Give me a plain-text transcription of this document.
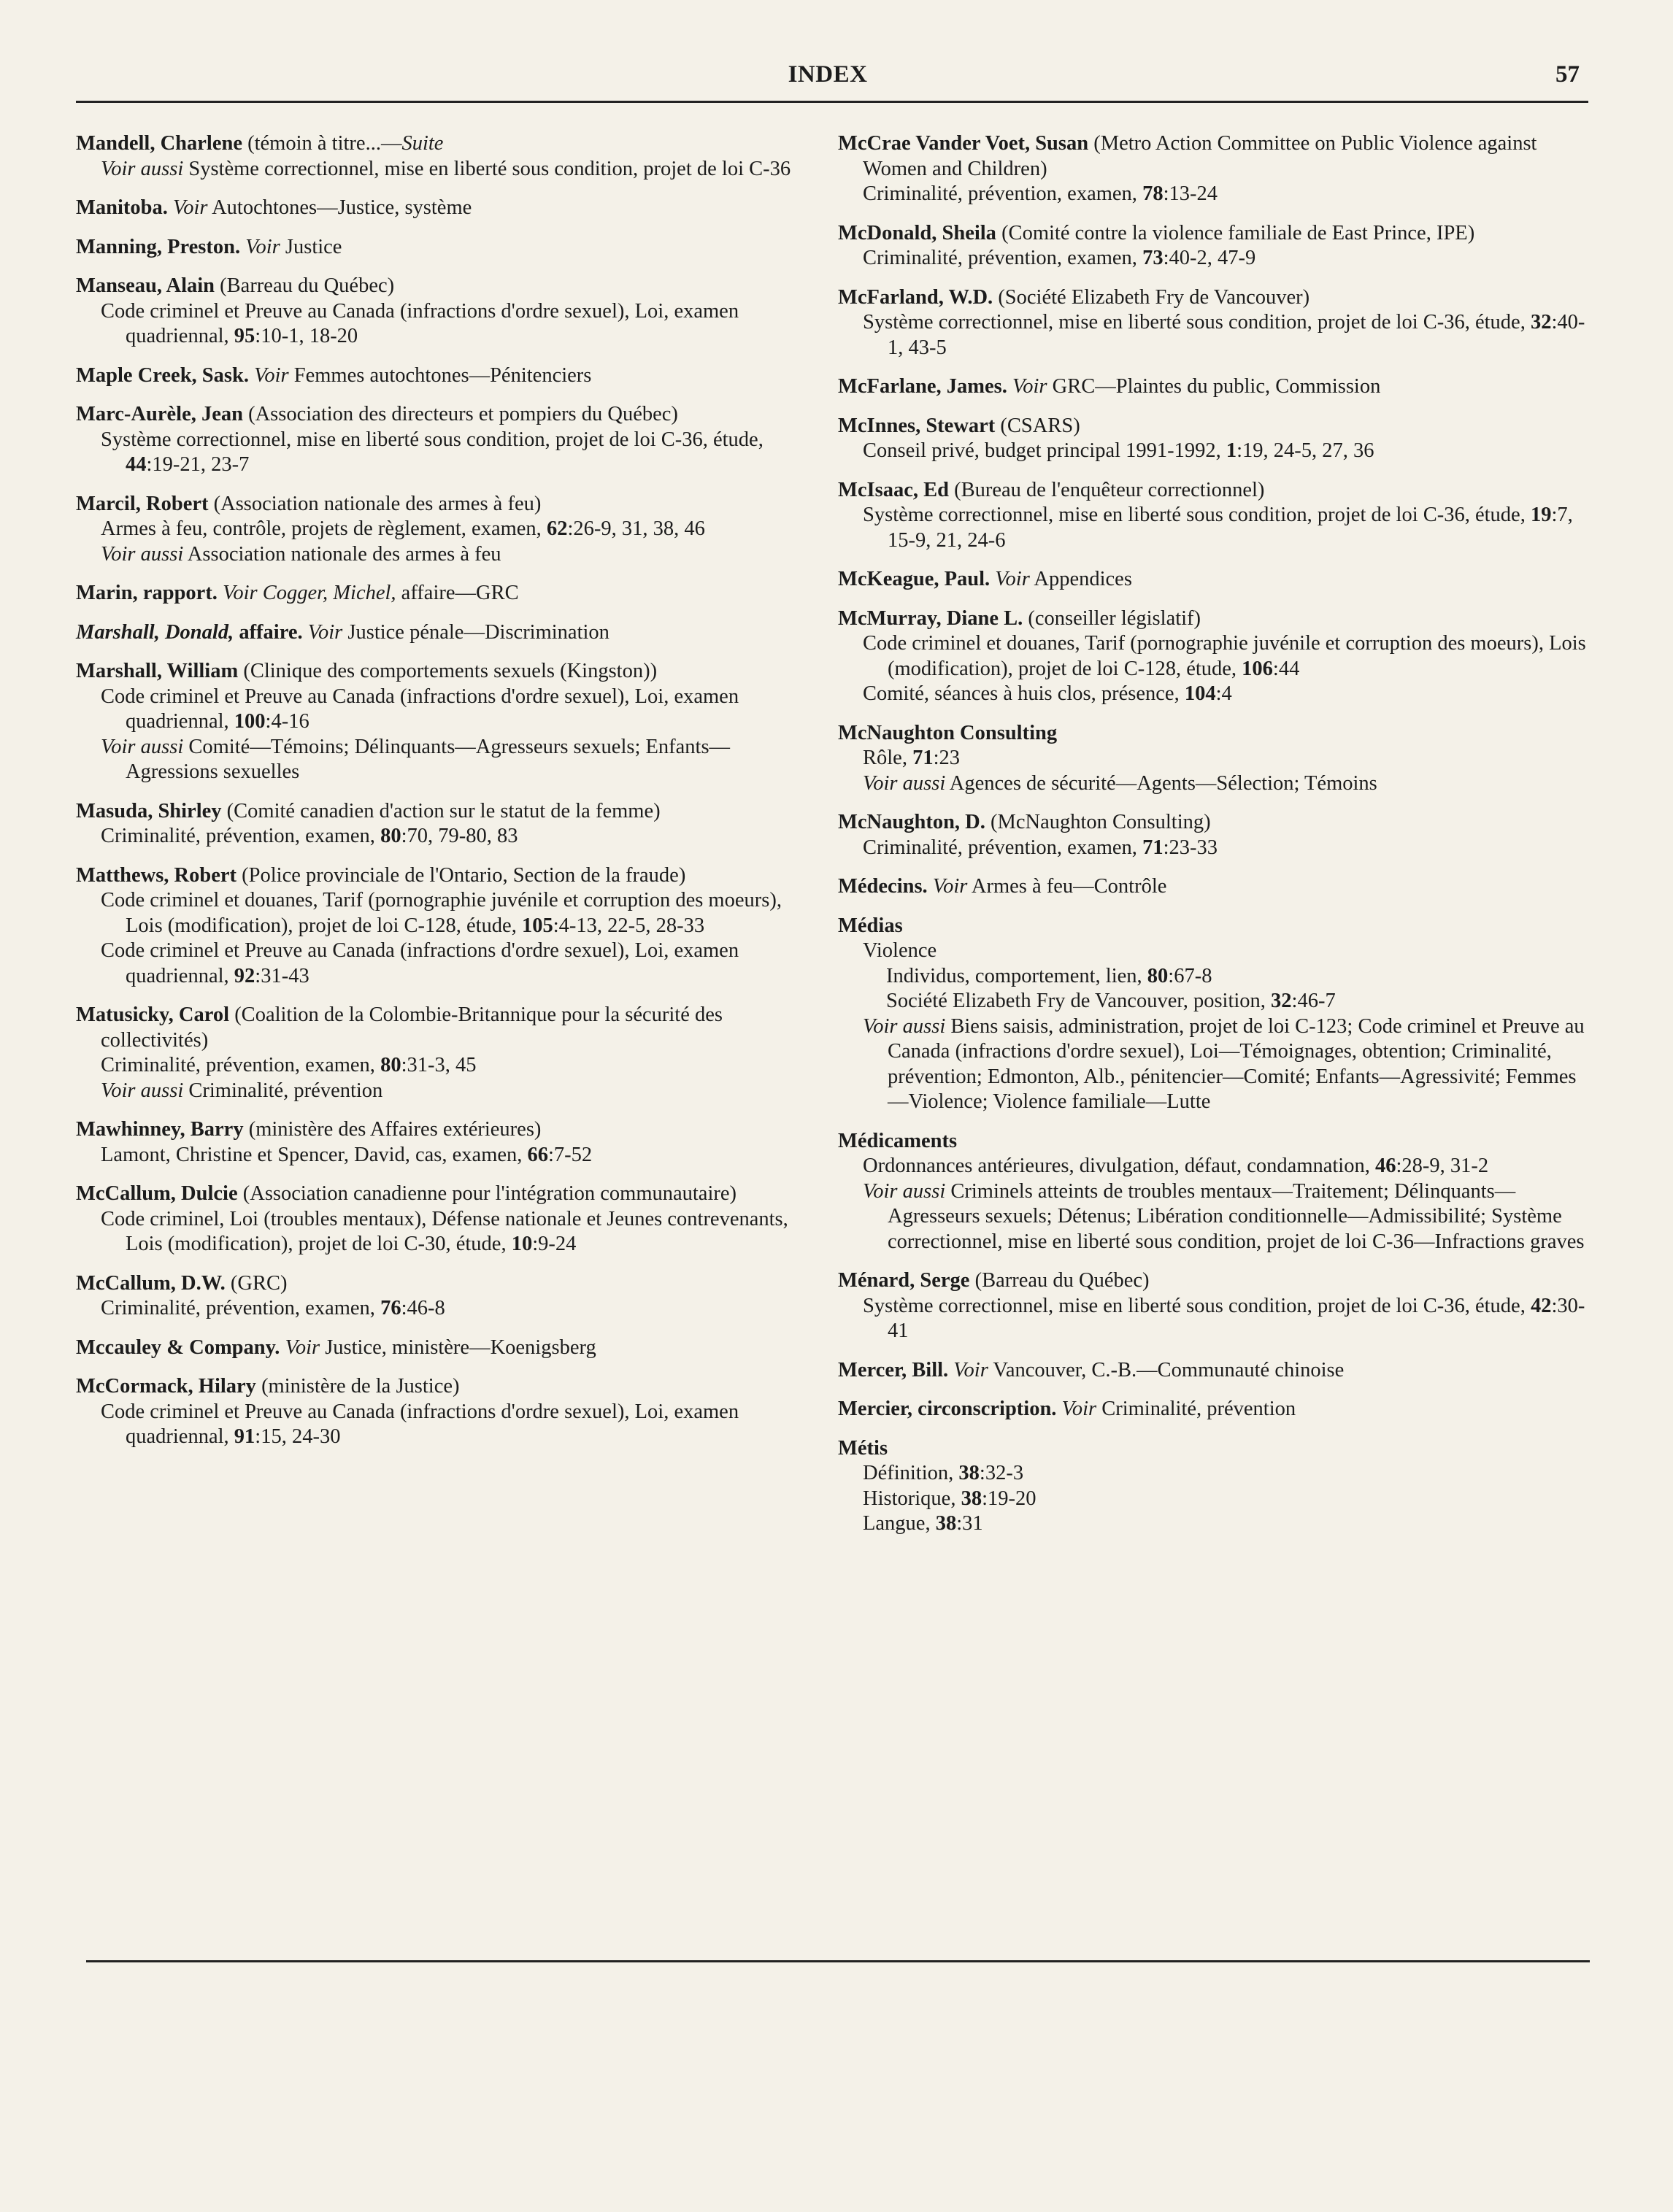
INDEX	57
Mandell, Charlene (témoin à titre...—Suite
Voir aussi Système correctionnel, mise en liberté sous condition, projet de loi C-36
Manitoba. Voir Autochtones—Justice, système
Manning, Preston. Voir Justice
Manseau, Alain (Barreau du Québec)
Code criminel et Preuve au Canada (infractions d'ordre sexuel), Loi, examen quadriennal, 95:10-1, 18-20
Maple Creek, Sask. Voir Femmes autochtones—Pénitenciers
Marc-Aurèle, Jean (Association des directeurs et pompiers du Québec)
Système correctionnel, mise en liberté sous condition, projet de loi C-36, étude, 44:19-21, 23-7
Marcil, Robert (Association nationale des armes à feu)
Armes à feu, contrôle, projets de règlement, examen, 62:26-9, 31, 38, 46
Voir aussi Association nationale des armes à feu
Marin, rapport. Voir Cogger, Michel, affaire—GRC
Marshall, Donald, affaire. Voir Justice pénale—Discrimination
Marshall, William (Clinique des comportements sexuels (Kingston))
Code criminel et Preuve au Canada (infractions d'ordre sexuel), Loi, examen quadriennal, 100:4-16
Voir aussi Comité—Témoins; Délinquants—Agresseurs sexuels; Enfants—Agressions sexuelles
Masuda, Shirley (Comité canadien d'action sur le statut de la femme)
Criminalité, prévention, examen, 80:70, 79-80, 83
Matthews, Robert (Police provinciale de l'Ontario, Section de la fraude)
Code criminel et douanes, Tarif (pornographie juvénile et corruption des moeurs), Lois (modification), projet de loi C-128, étude, 105:4-13, 22-5, 28-33
Code criminel et Preuve au Canada (infractions d'ordre sexuel), Loi, examen quadriennal, 92:31-43
Matusicky, Carol (Coalition de la Colombie-Britannique pour la sécurité des collectivités)
Criminalité, prévention, examen, 80:31-3, 45
Voir aussi Criminalité, prévention
Mawhinney, Barry (ministère des Affaires extérieures)
Lamont, Christine et Spencer, David, cas, examen, 66:7-52
McCallum, Dulcie (Association canadienne pour l'intégration communautaire)
Code criminel, Loi (troubles mentaux), Défense nationale et Jeunes contrevenants, Lois (modification), projet de loi C-30, étude, 10:9-24
McCallum, D.W. (GRC)
Criminalité, prévention, examen, 76:46-8
Mccauley & Company. Voir Justice, ministère—Koenigsberg
McCormack, Hilary (ministère de la Justice)
Code criminel et Preuve au Canada (infractions d'ordre sexuel), Loi, examen quadriennal, 91:15, 24-30
McCrae Vander Voet, Susan (Metro Action Committee on Public Violence against Women and Children)
Criminalité, prévention, examen, 78:13-24
McDonald, Sheila (Comité contre la violence familiale de East Prince, IPE)
Criminalité, prévention, examen, 73:40-2, 47-9
McFarland, W.D. (Société Elizabeth Fry de Vancouver)
Système correctionnel, mise en liberté sous condition, projet de loi C-36, étude, 32:40-1, 43-5
McFarlane, James. Voir GRC—Plaintes du public, Commission
McInnes, Stewart (CSARS)
Conseil privé, budget principal 1991-1992, 1:19, 24-5, 27, 36
McIsaac, Ed (Bureau de l'enquêteur correctionnel)
Système correctionnel, mise en liberté sous condition, projet de loi C-36, étude, 19:7, 15-9, 21, 24-6
McKeague, Paul. Voir Appendices
McMurray, Diane L. (conseiller législatif)
Code criminel et douanes, Tarif (pornographie juvénile et corruption des moeurs), Lois (modification), projet de loi C-128, étude, 106:44
Comité, séances à huis clos, présence, 104:4
McNaughton Consulting
Rôle, 71:23
Voir aussi Agences de sécurité—Agents—Sélection; Témoins
McNaughton, D. (McNaughton Consulting)
Criminalité, prévention, examen, 71:23-33
Médecins. Voir Armes à feu—Contrôle
Médias
Violence
Individus, comportement, lien, 80:67-8
Société Elizabeth Fry de Vancouver, position, 32:46-7
Voir aussi Biens saisis, administration, projet de loi C-123; Code criminel et Preuve au Canada (infractions d'ordre sexuel), Loi—Témoignages, obtention; Criminalité, prévention; Edmonton, Alb., pénitencier—Comité; Enfants—Agressivité; Femmes—Violence; Violence familiale—Lutte
Médicaments
Ordonnances antérieures, divulgation, défaut, condamnation, 46:28-9, 31-2
Voir aussi Criminels atteints de troubles mentaux—Traitement; Délinquants—Agresseurs sexuels; Détenus; Libération conditionnelle—Admissibilité; Système correctionnel, mise en liberté sous condition, projet de loi C-36—Infractions graves
Ménard, Serge (Barreau du Québec)
Système correctionnel, mise en liberté sous condition, projet de loi C-36, étude, 42:30-41
Mercer, Bill. Voir Vancouver, C.-B.—Communauté chinoise
Mercier, circonscription. Voir Criminalité, prévention
Métis
Définition, 38:32-3
Historique, 38:19-20
Langue, 38:31
